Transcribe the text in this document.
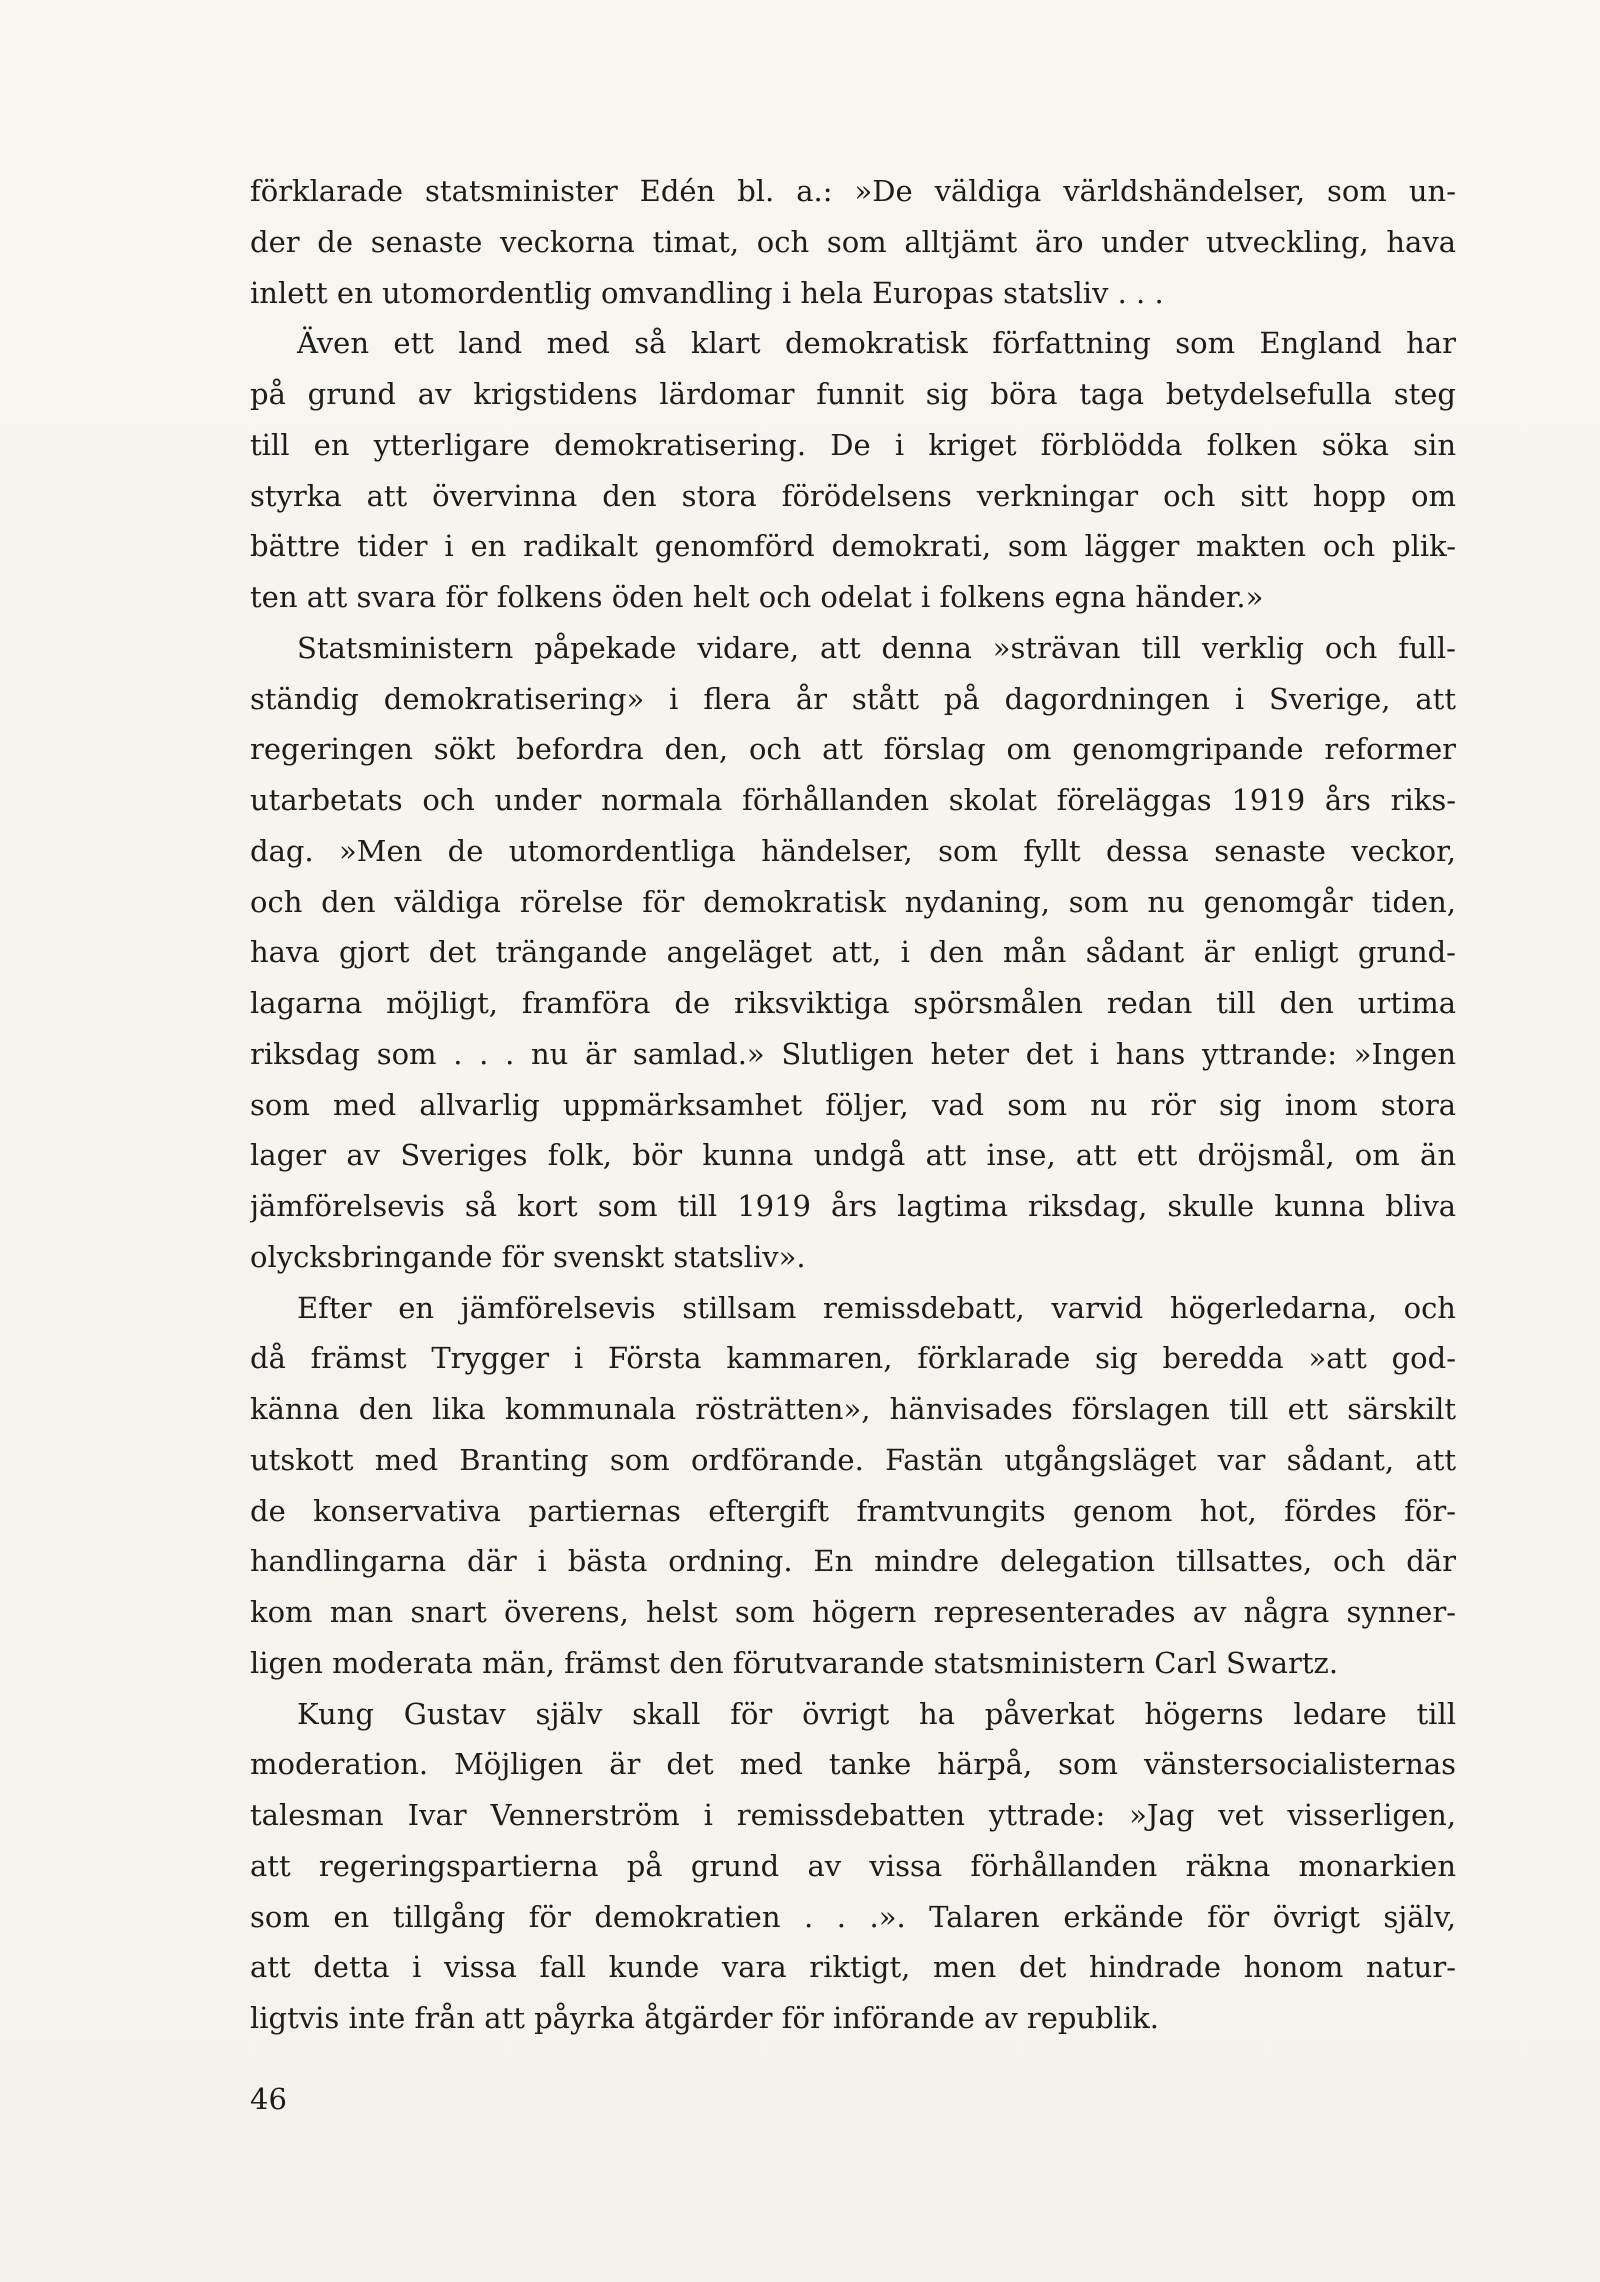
förklarade statsminister Edén bl. a.: »De väldiga världshändelser, som un-
der de senaste veckorna timat, och som alltjämt äro under utveckling, hava
inlett en utomordentlig omvandling i hela Europas statsliv . . .
Även ett land med så klart demokratisk författning som England har
på grund av krigstidens lärdomar funnit sig böra taga betydelsefulla steg
till en ytterligare demokratisering. De i kriget förblödda folken söka sin
styrka att övervinna den stora förödelsens verkningar och sitt hopp om
bättre tider i en radikalt genomförd demokrati, som lägger makten och plik-
ten att svara för folkens öden helt och odelat i folkens egna händer.»
Statsministern påpekade vidare, att denna »strävan till verklig och full-
ständig demokratisering» i flera år stått på dagordningen i Sverige, att
regeringen sökt befordra den, och att förslag om genomgripande reformer
utarbetats och under normala förhållanden skolat föreläggas 1919 års riks-
dag. »Men de utomordentliga händelser, som fyllt dessa senaste veckor,
och den väldiga rörelse för demokratisk nydaning, som nu genomgår tiden,
hava gjort det trängande angeläget att, i den mån sådant är enligt grund-
lagarna möjligt, framföra de riksviktiga spörsmålen redan till den urtima
riksdag som . . . nu är samlad.» Slutligen heter det i hans yttrande: »Ingen
som med allvarlig uppmärksamhet följer, vad som nu rör sig inom stora
lager av Sveriges folk, bör kunna undgå att inse, att ett dröjsmål, om än
jämförelsevis så kort som till 1919 års lagtima riksdag, skulle kunna bliva
olycksbringande för svenskt statsliv».
Efter en jämförelsevis stillsam remissdebatt, varvid högerledarna, och
då främst Trygger i Första kammaren, förklarade sig beredda »att god-
känna den lika kommunala rösträtten», hänvisades förslagen till ett särskilt
utskott med Branting som ordförande. Fastän utgångsläget var sådant, att
de konservativa partiernas eftergift framtvungits genom hot, fördes för-
handlingarna där i bästa ordning. En mindre delegation tillsattes, och där
kom man snart överens, helst som högern representerades av några synner-
ligen moderata män, främst den förutvarande statsministern Carl Swartz.
Kung Gustav själv skall för övrigt ha påverkat högerns ledare till
moderation. Möjligen är det med tanke härpå, som vänstersocialisternas
talesman Ivar Vennerström i remissdebatten yttrade: »Jag vet visserligen,
att regeringspartierna på grund av vissa förhållanden räkna monarkien
som en tillgång för demokratien . . .». Talaren erkände för övrigt själv,
att detta i vissa fall kunde vara riktigt, men det hindrade honom natur-
ligtvis inte från att påyrka åtgärder för införande av republik.
46
